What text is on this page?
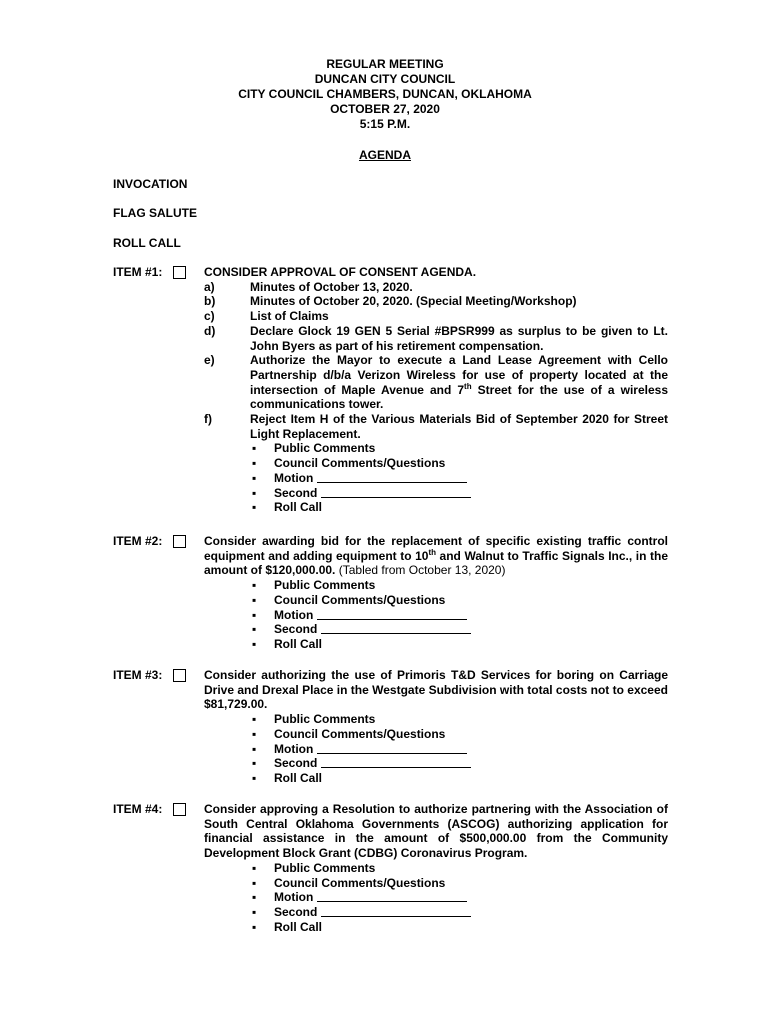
REGULAR MEETING
DUNCAN CITY COUNCIL
CITY COUNCIL CHAMBERS, DUNCAN, OKLAHOMA
OCTOBER 27, 2020
5:15 P.M.
AGENDA
INVOCATION
FLAG SALUTE
ROLL CALL
ITEM #1:	CONSIDER APPROVAL OF CONSENT AGENDA.
a)	Minutes of October 13, 2020.
b)	Minutes of October 20, 2020. (Special Meeting/Workshop)
c)	List of Claims
d)	Declare Glock 19 GEN 5 Serial #BPSR999 as surplus to be given to Lt. John Byers as part of his retirement compensation.
e)	Authorize the Mayor to execute a Land Lease Agreement with Cello Partnership d/b/a Verizon Wireless for use of property located at the intersection of Maple Avenue and 7th Street for the use of a wireless communications tower.
f)	Reject Item H of the Various Materials Bid of September 2020 for Street Light Replacement.
▪	Public Comments
▪	Council Comments/Questions
▪	Motion
▪	Second
▪	Roll Call
ITEM #2:	Consider awarding bid for the replacement of specific existing traffic control equipment and adding equipment to 10th and Walnut to Traffic Signals Inc., in the amount of $120,000.00. (Tabled from October 13, 2020)
▪	Public Comments
▪	Council Comments/Questions
▪	Motion
▪	Second
▪	Roll Call
ITEM #3:	Consider authorizing the use of Primoris T&D Services for boring on Carriage Drive and Drexal Place in the Westgate Subdivision with total costs not to exceed $81,729.00.
▪	Public Comments
▪	Council Comments/Questions
▪	Motion
▪	Second
▪	Roll Call
ITEM #4:	Consider approving a Resolution to authorize partnering with the Association of South Central Oklahoma Governments (ASCOG) authorizing application for financial assistance in the amount of $500,000.00 from the Community Development Block Grant (CDBG) Coronavirus Program.
▪	Public Comments
▪	Council Comments/Questions
▪	Motion
▪	Second
▪	Roll Call
